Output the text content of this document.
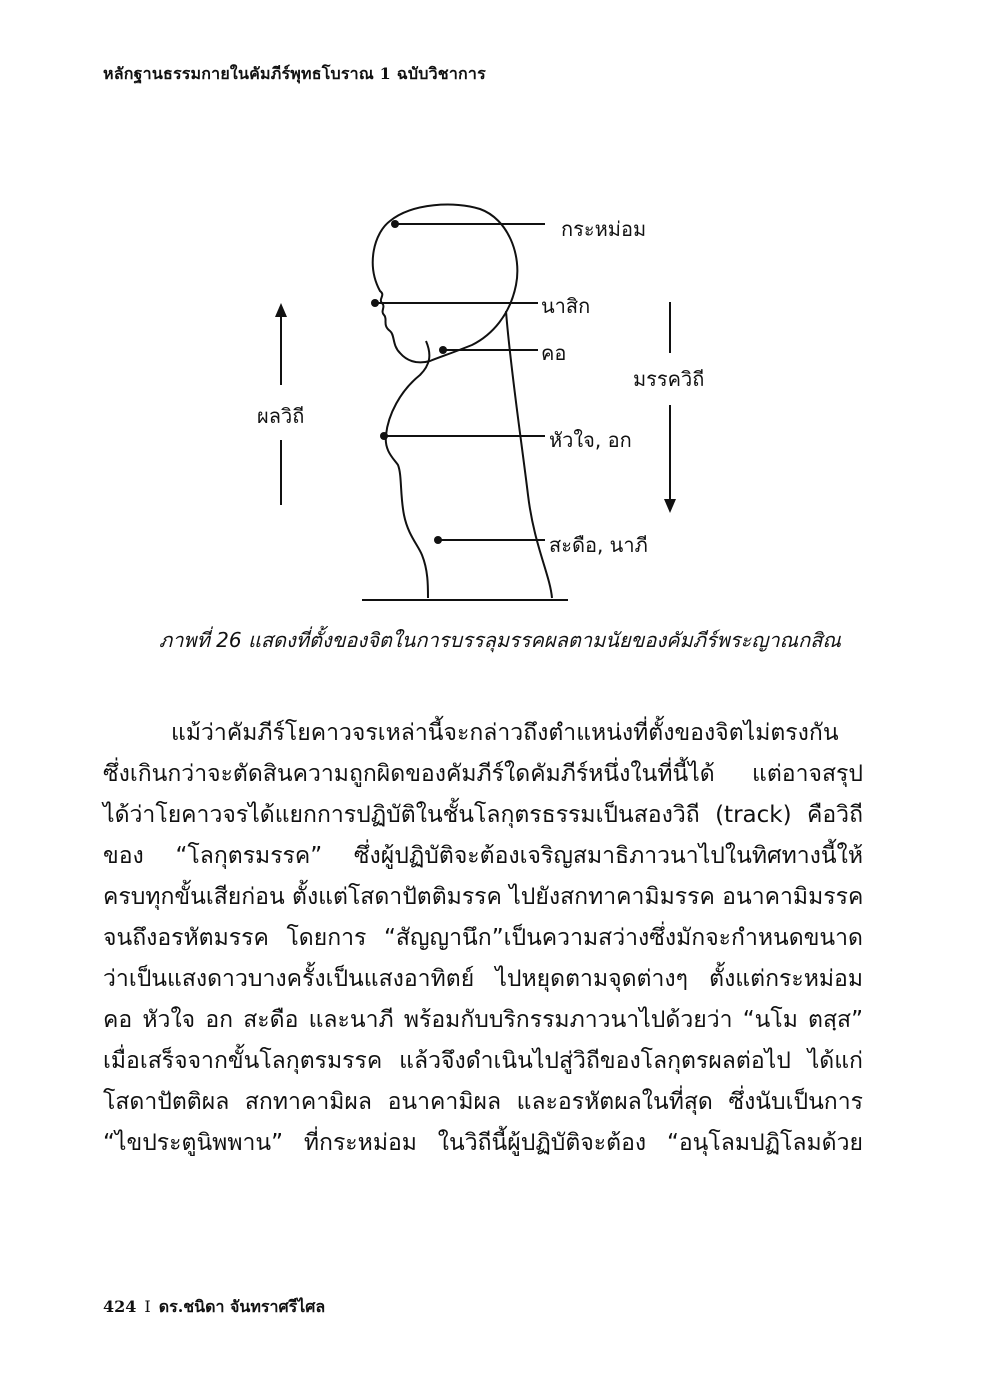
หลักฐานธรรมกายในคัมภีร์พุทธโบราณ 1 ฉบับวิชาการ
กระหม่อม
นาสิก
คอ
หัวใจ, อก
สะดือ, นาภี
มรรควิถี
ผลวิถี
ภาพที่ 26 แสดงที่ตั้งของจิตในการบรรลุมรรคผลตามนัยของคัมภีร์พระญาณกสิณ
แม้ว่าคัมภีร์โยคาวจรเหล่านี้จะกล่าวถึงตำแหน่งที่ตั้งของจิตไม่ตรงกัน
ซึ่งเกินกว่าจะตัดสินความถูกผิดของคัมภีร์ใดคัมภีร์หนึ่งในที่นี้ได้ แต่อาจสรุป
ได้ว่าโยคาวจรได้แยกการปฏิบัติในชั้นโลกุตรธรรมเป็นสองวิถี (track) คือวิถี
ของ “โลกุตรมรรค” ซึ่งผู้ปฏิบัติจะต้องเจริญสมาธิภาวนาไปในทิศทางนี้ให้
ครบทุกขั้นเสียก่อน ตั้งแต่โสดาปัตติมรรค ไปยังสกทาคามิมรรค อนาคามิมรรค
จนถึงอรหัตมรรค โดยการ “สัญญานึก”เป็นความสว่างซึ่งมักจะกำหนดขนาด
ว่าเป็นแสงดาวบางครั้งเป็นแสงอาทิตย์ ไปหยุดตามจุดต่างๆ ตั้งแต่กระหม่อม
คอ หัวใจ อก สะดือ และนาภี พร้อมกับบริกรรมภาวนาไปด้วยว่า “นโม ตสฺส”
เมื่อเสร็จจากขั้นโลกุตรมรรค แล้วจึงดำเนินไปสู่วิถีของโลกุตรผลต่อไป ได้แก่
โสดาปัตติผล สกทาคามิผล อนาคามิผล และอรหัตผลในที่สุด ซึ่งนับเป็นการ
“ไขประตูนิพพาน” ที่กระหม่อม ในวิถีนี้ผู้ปฏิบัติจะต้อง “อนุโลมปฏิโลมด้วย
424 I ดร.ชนิดา จันทราศรีไศล
